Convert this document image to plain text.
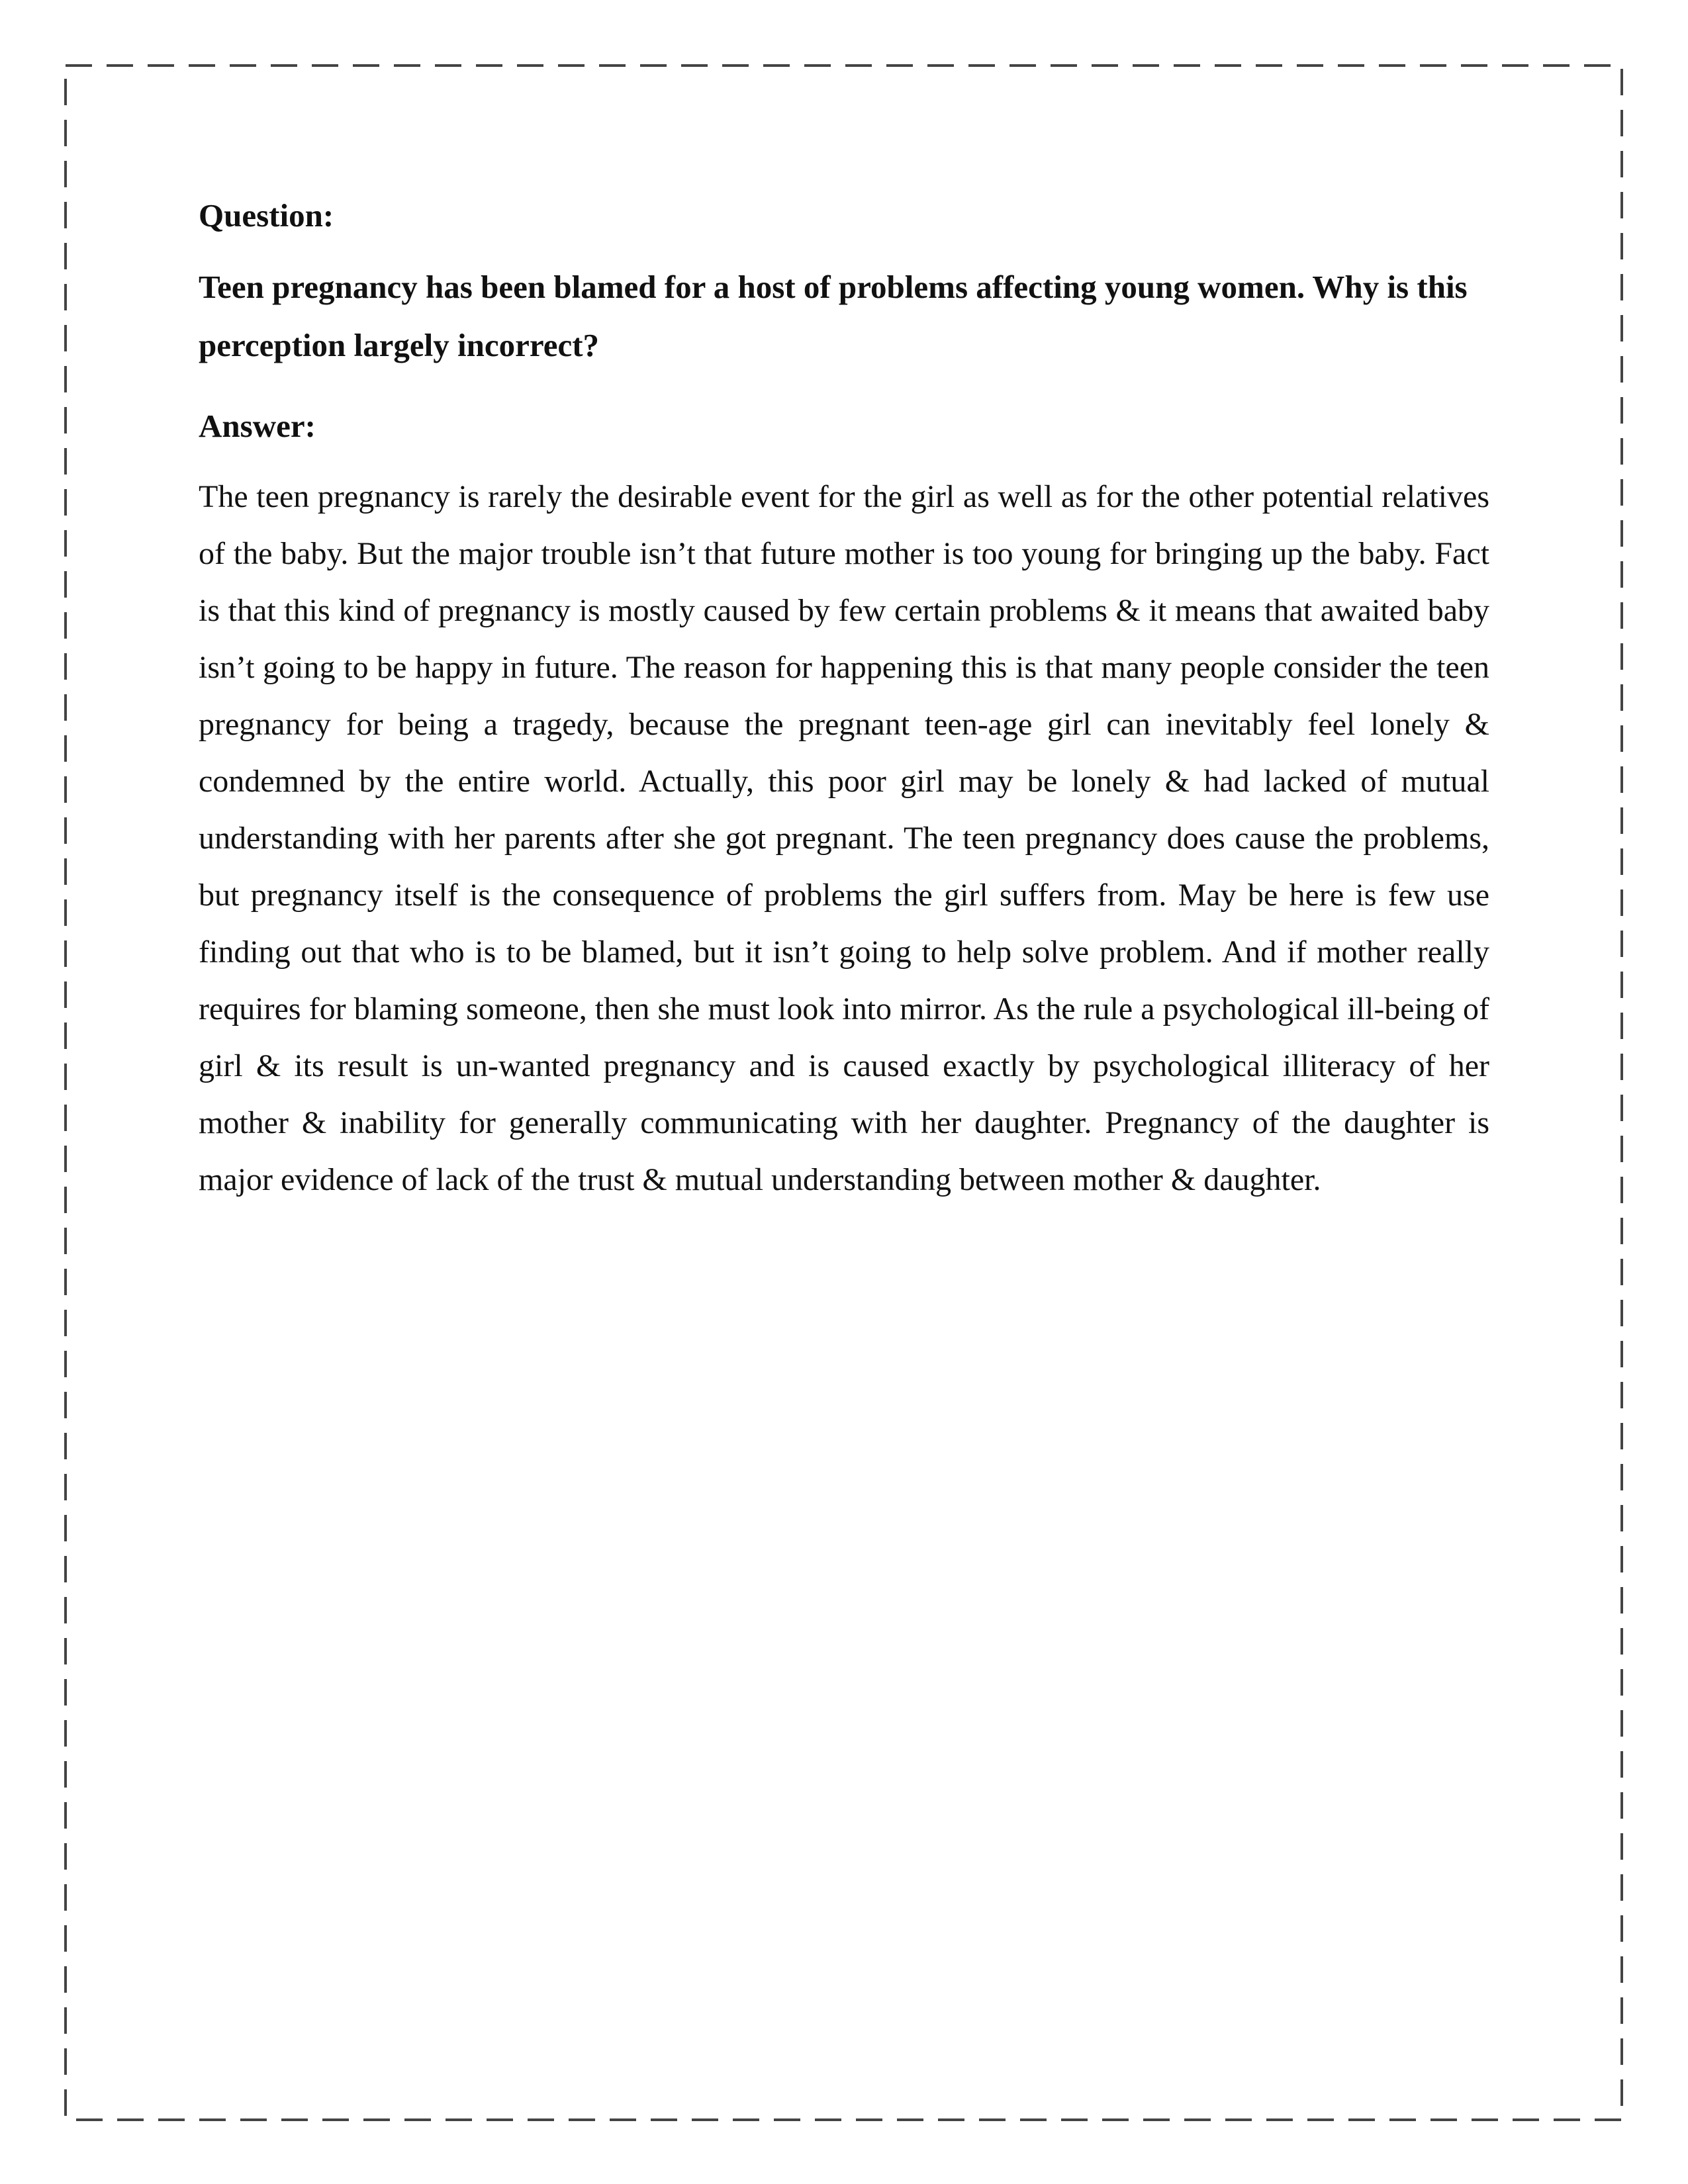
Question:

Teen pregnancy has been blamed for a host of problems affecting young women. Why is this perception largely incorrect?

Answer:

The teen pregnancy is rarely the desirable event for the girl as well as for the other potential relatives of the baby. But the major trouble isn’t that future mother is too young for bringing up the baby. Fact is that this kind of pregnancy is mostly caused by few certain problems & it means that awaited baby isn’t going to be happy in future. The reason for happening this is that many people consider the teen pregnancy for being a tragedy, because the pregnant teen-age girl can inevitably feel lonely & condemned by the entire world. Actually, this poor girl may be lonely & had lacked of mutual understanding with her parents after she got pregnant. The teen pregnancy does cause the problems, but pregnancy itself is the consequence of problems the girl suffers from. May be here is few use finding out that who is to be blamed, but it isn’t going to help solve problem. And if mother really requires for blaming someone, then she must look into mirror. As the rule a psychological ill-being of girl & its result is un-wanted pregnancy and is caused exactly by psychological illiteracy of her mother & inability for generally communicating with her daughter. Pregnancy of the daughter is major evidence of lack of the trust & mutual understanding between mother & daughter.
